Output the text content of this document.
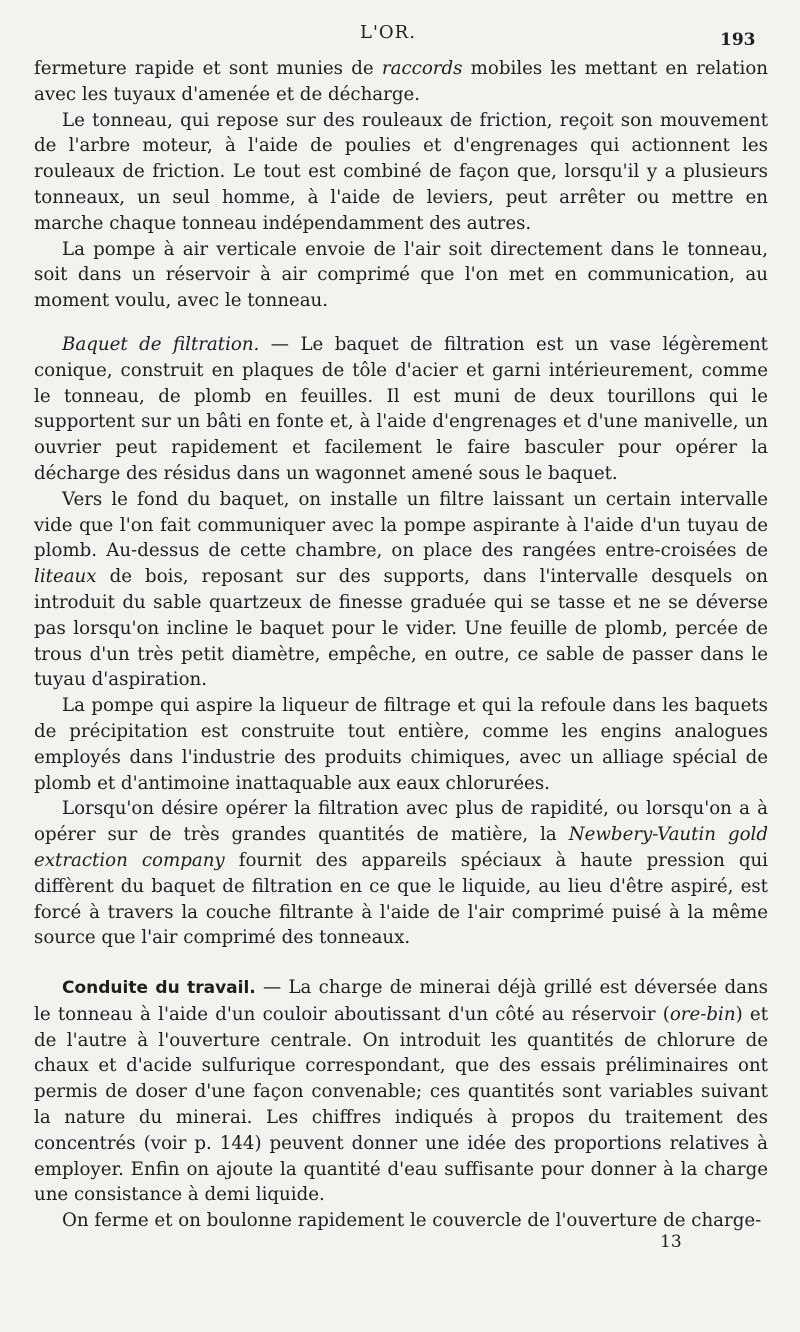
L'OR.	193

fermeture rapide et sont munies de raccords mobiles les mettant en relation avec les tuyaux d'amenée et de décharge.

Le tonneau, qui repose sur des rouleaux de friction, reçoit son mouvement de l'arbre moteur, à l'aide de poulies et d'engrenages qui actionnent les rouleaux de friction. Le tout est combiné de façon que, lorsqu'il y a plusieurs tonneaux, un seul homme, à l'aide de leviers, peut arrêter ou mettre en marche chaque tonneau indépendamment des autres.

La pompe à air verticale envoie de l'air soit directement dans le tonneau, soit dans un réservoir à air comprimé que l'on met en communication, au moment voulu, avec le tonneau.

Baquet de filtration. — Le baquet de filtration est un vase légèrement conique, construit en plaques de tôle d'acier et garni intérieurement, comme le tonneau, de plomb en feuilles. Il est muni de deux tourillons qui le supportent sur un bâti en fonte et, à l'aide d'engrenages et d'une manivelle, un ouvrier peut rapidement et facilement le faire basculer pour opérer la décharge des résidus dans un wagonnet amené sous le baquet.

Vers le fond du baquet, on installe un filtre laissant un certain intervalle vide que l'on fait communiquer avec la pompe aspirante à l'aide d'un tuyau de plomb. Au-dessus de cette chambre, on place des rangées entre-croisées de liteaux de bois, reposant sur des supports, dans l'intervalle desquels on introduit du sable quartzeux de finesse graduée qui se tasse et ne se déverse pas lorsqu'on incline le baquet pour le vider. Une feuille de plomb, percée de trous d'un très petit diamètre, empêche, en outre, ce sable de passer dans le tuyau d'aspiration.

La pompe qui aspire la liqueur de filtrage et qui la refoule dans les baquets de précipitation est construite tout entière, comme les engins analogues employés dans l'industrie des produits chimiques, avec un alliage spécial de plomb et d'antimoine inattaquable aux eaux chlorurées.

Lorsqu'on désire opérer la filtration avec plus de rapidité, ou lorsqu'on a à opérer sur de très grandes quantités de matière, la Newbery-Vautin gold extraction company fournit des appareils spéciaux à haute pression qui diffèrent du baquet de filtration en ce que le liquide, au lieu d'être aspiré, est forcé à travers la couche filtrante à l'aide de l'air comprimé puisé à la même source que l'air comprimé des tonneaux.

Conduite du travail. — La charge de minerai déjà grillé est déversée dans le tonneau à l'aide d'un couloir aboutissant d'un côté au réservoir (ore-bin) et de l'autre à l'ouverture centrale. On introduit les quantités de chlorure de chaux et d'acide sulfurique correspondant, que des essais préliminaires ont permis de doser d'une façon convenable; ces quantités sont variables suivant la nature du minerai. Les chiffres indiqués à propos du traitement des concentrés (voir p. 144) peuvent donner une idée des proportions relatives à employer. Enfin on ajoute la quantité d'eau suffisante pour donner à la charge une consistance à demi liquide.

On ferme et on boulonne rapidement le couvercle de l'ouverture de charge-

13
